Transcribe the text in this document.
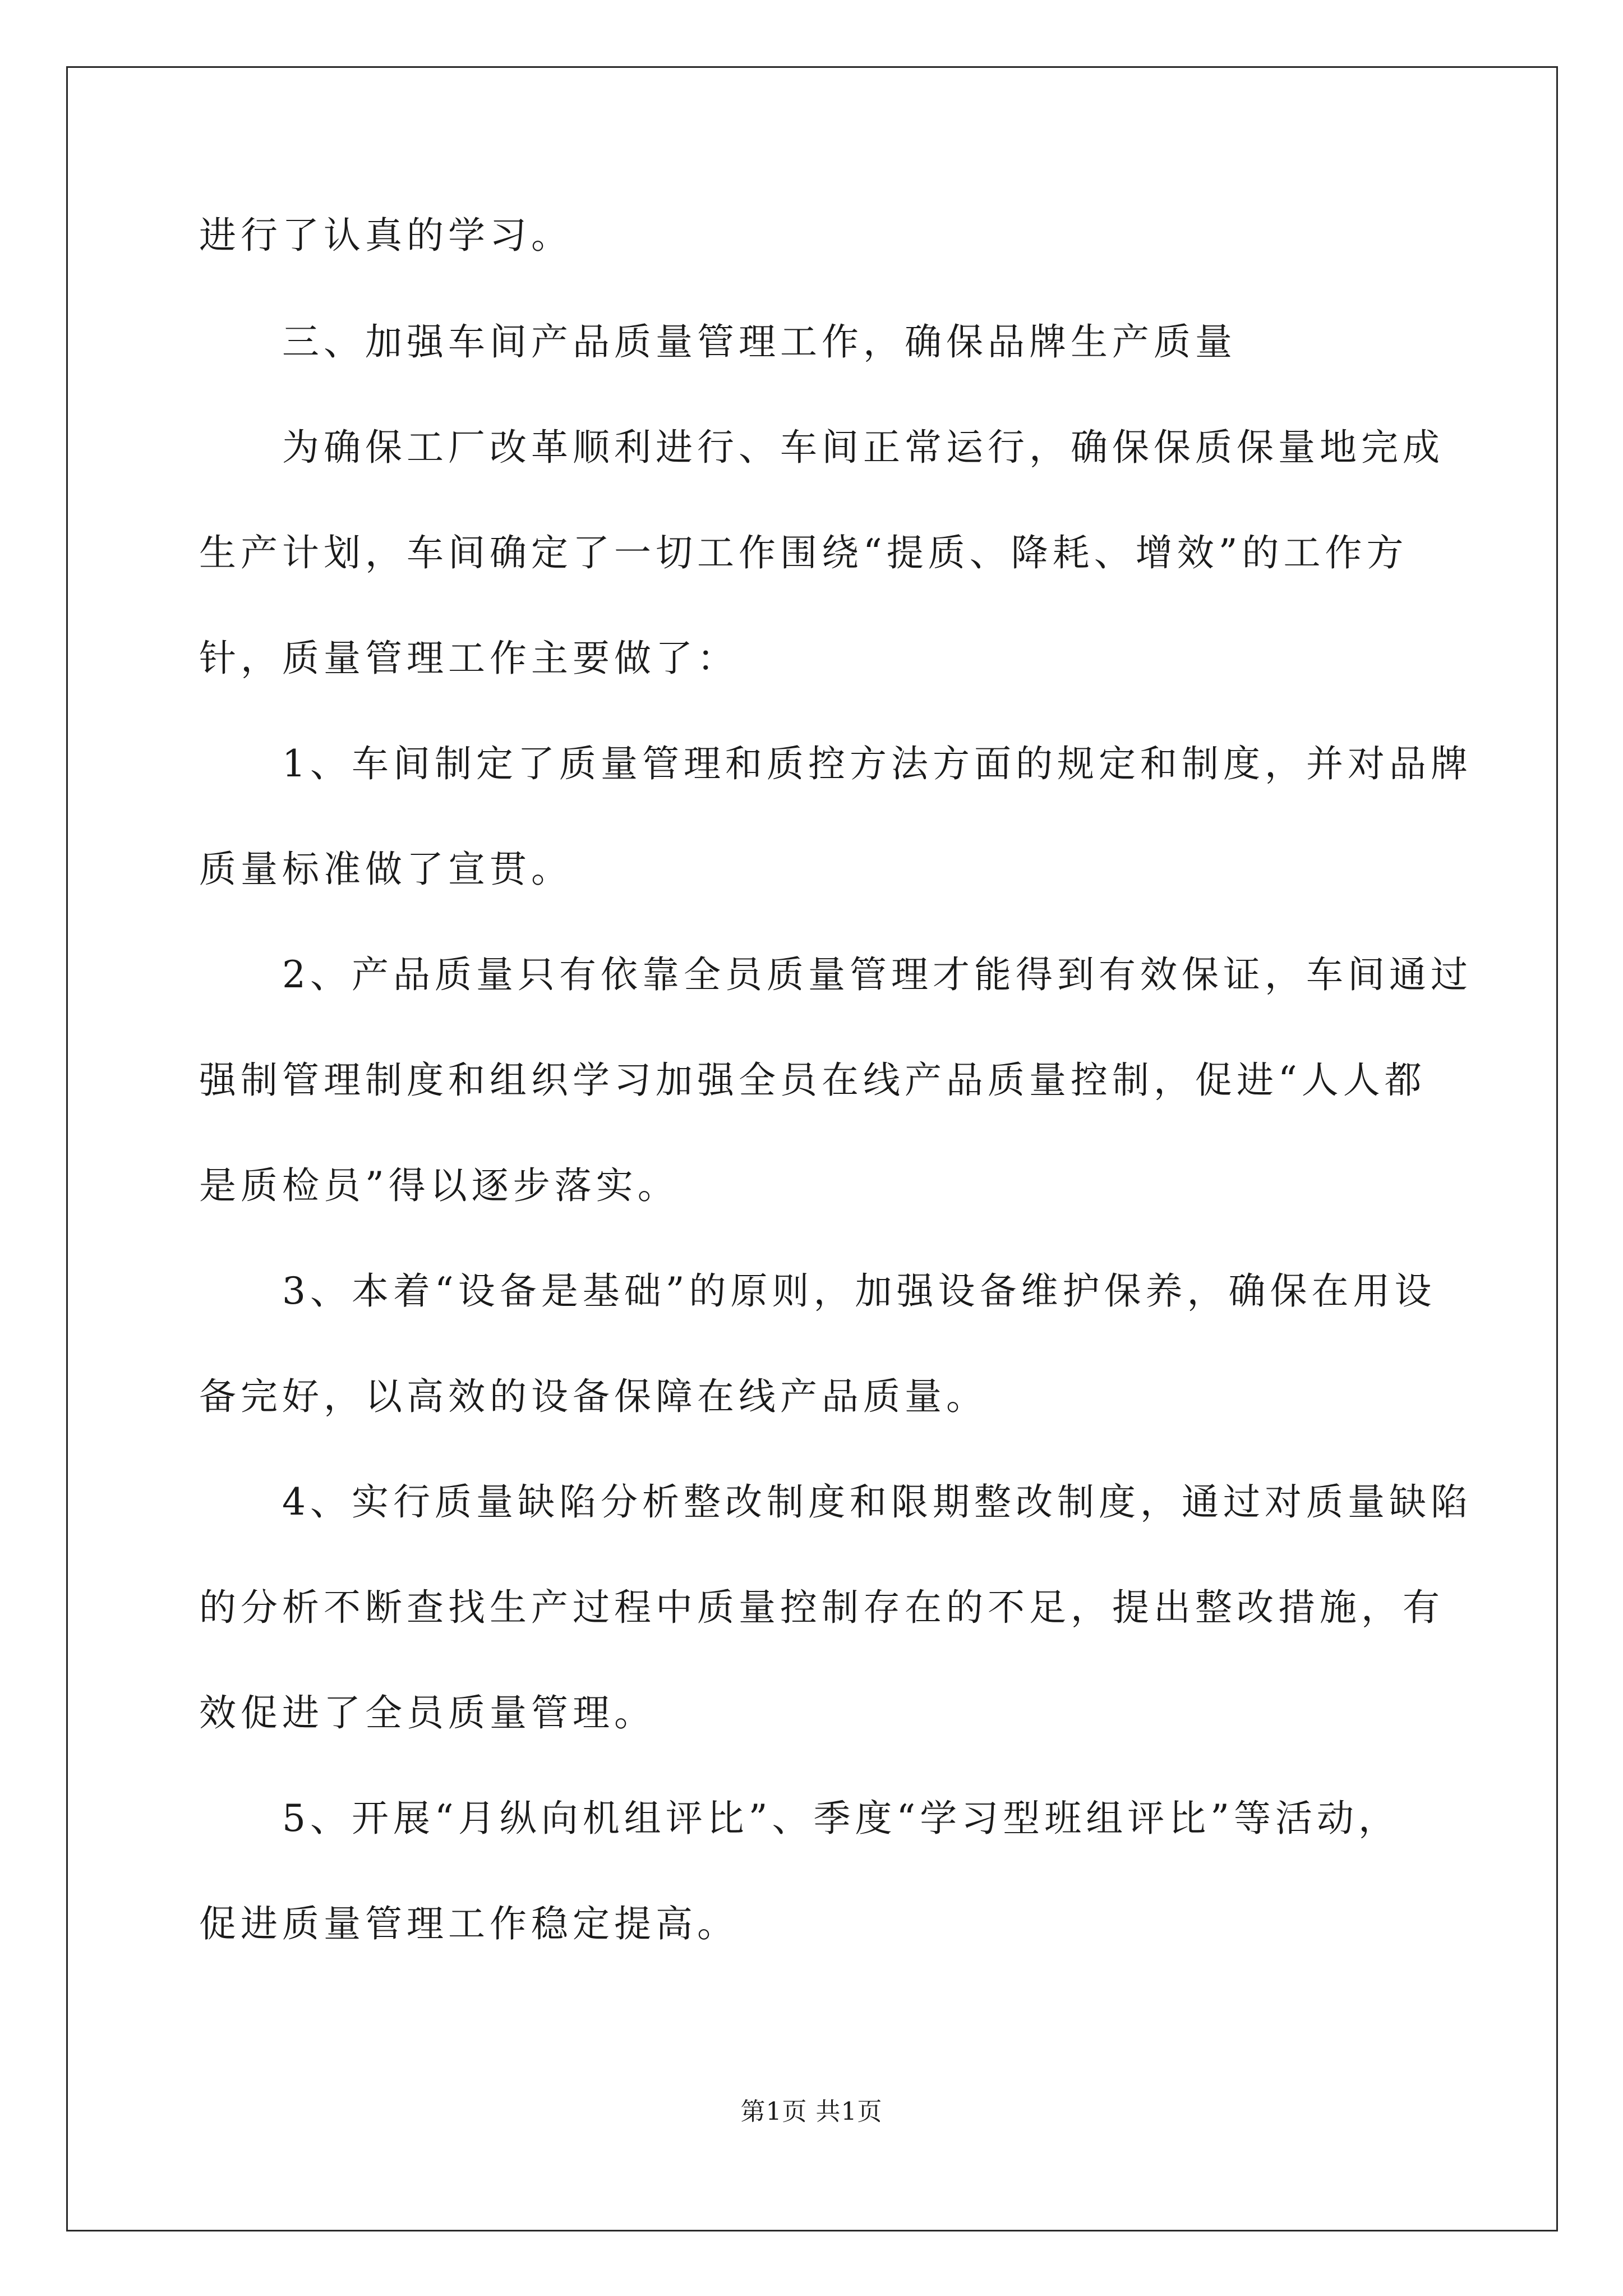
进行了认真的学习。
三、加强车间产品质量管理工作，确保品牌生产质量
为确保工厂改革顺利进行、车间正常运行，确保保质保量地完成
生产计划，车间确定了一切工作围绕“提质、降耗、增效”的工作方
针，质量管理工作主要做了：
1、车间制定了质量管理和质控方法方面的规定和制度，并对品牌
质量标准做了宣贯。
2、产品质量只有依靠全员质量管理才能得到有效保证，车间通过
强制管理制度和组织学习加强全员在线产品质量控制，促进“人人都
是质检员”得以逐步落实。
3、本着“设备是基础”的原则，加强设备维护保养，确保在用设
备完好，以高效的设备保障在线产品质量。
4、实行质量缺陷分析整改制度和限期整改制度，通过对质量缺陷
的分析不断查找生产过程中质量控制存在的不足，提出整改措施，有
效促进了全员质量管理。
5、开展“月纵向机组评比”、季度“学习型班组评比”等活动，
促进质量管理工作稳定提高。
第1页 共1页
